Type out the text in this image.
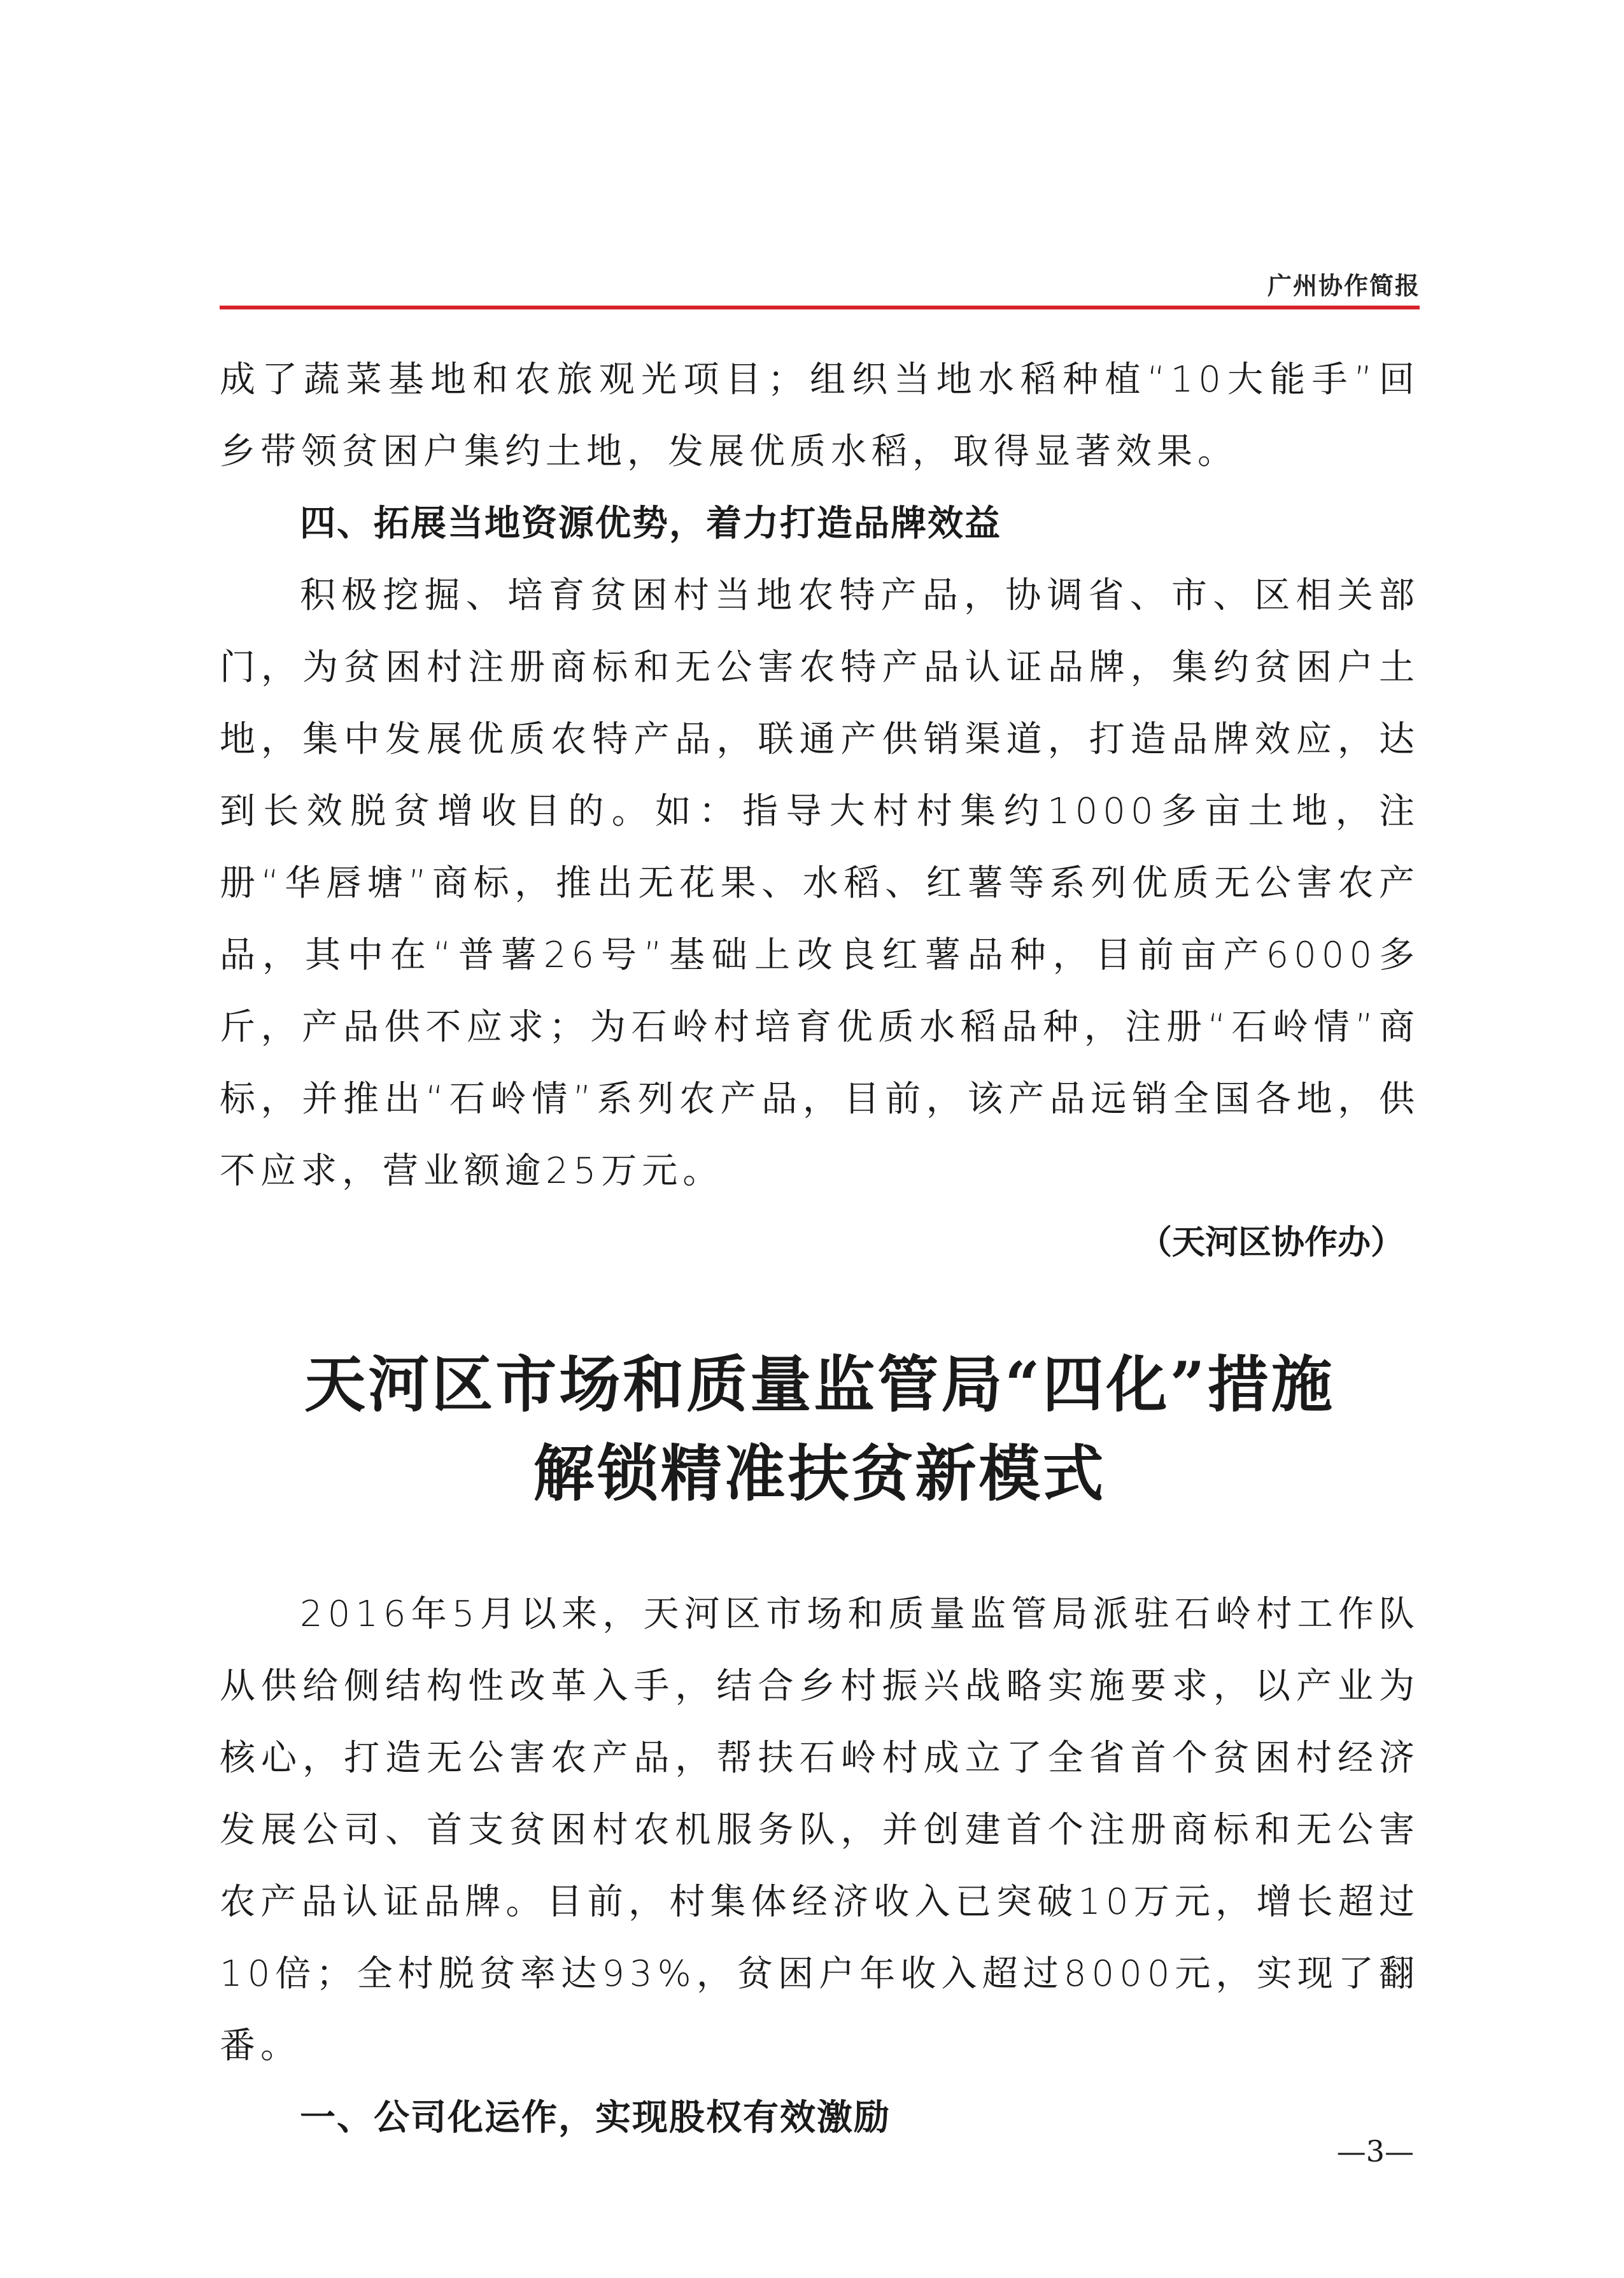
广州协作简报

成了蔬菜基地和农旅观光项目；组织当地水稻种植“10大能手”回乡带领贫困户集约土地，发展优质水稻，取得显著效果。

四、拓展当地资源优势，着力打造品牌效益

积极挖掘、培育贫困村当地农特产品，协调省、市、区相关部门，为贫困村注册商标和无公害农特产品认证品牌，集约贫困户土地，集中发展优质农特产品，联通产供销渠道，打造品牌效应，达到长效脱贫增收目的。如：指导大村村集约1000多亩土地，注册“华唇塘”商标，推出无花果、水稻、红薯等系列优质无公害农产品，其中在“普薯26号”基础上改良红薯品种，目前亩产6000多斤，产品供不应求；为石岭村培育优质水稻品种，注册“石岭情”商标，并推出“石岭情”系列农产品，目前，该产品远销全国各地，供不应求，营业额逾25万元。

（天河区协作办）

天河区市场和质量监管局“四化”措施

解锁精准扶贫新模式

2016年5月以来，天河区市场和质量监管局派驻石岭村工作队从供给侧结构性改革入手，结合乡村振兴战略实施要求，以产业为核心，打造无公害农产品，帮扶石岭村成立了全省首个贫困村经济发展公司、首支贫困村农机服务队，并创建首个注册商标和无公害农产品认证品牌。目前，村集体经济收入已突破10万元，增长超过10倍；全村脱贫率达93%，贫困户年收入超过8000元，实现了翻番。

一、公司化运作，实现股权有效激励

—3—
